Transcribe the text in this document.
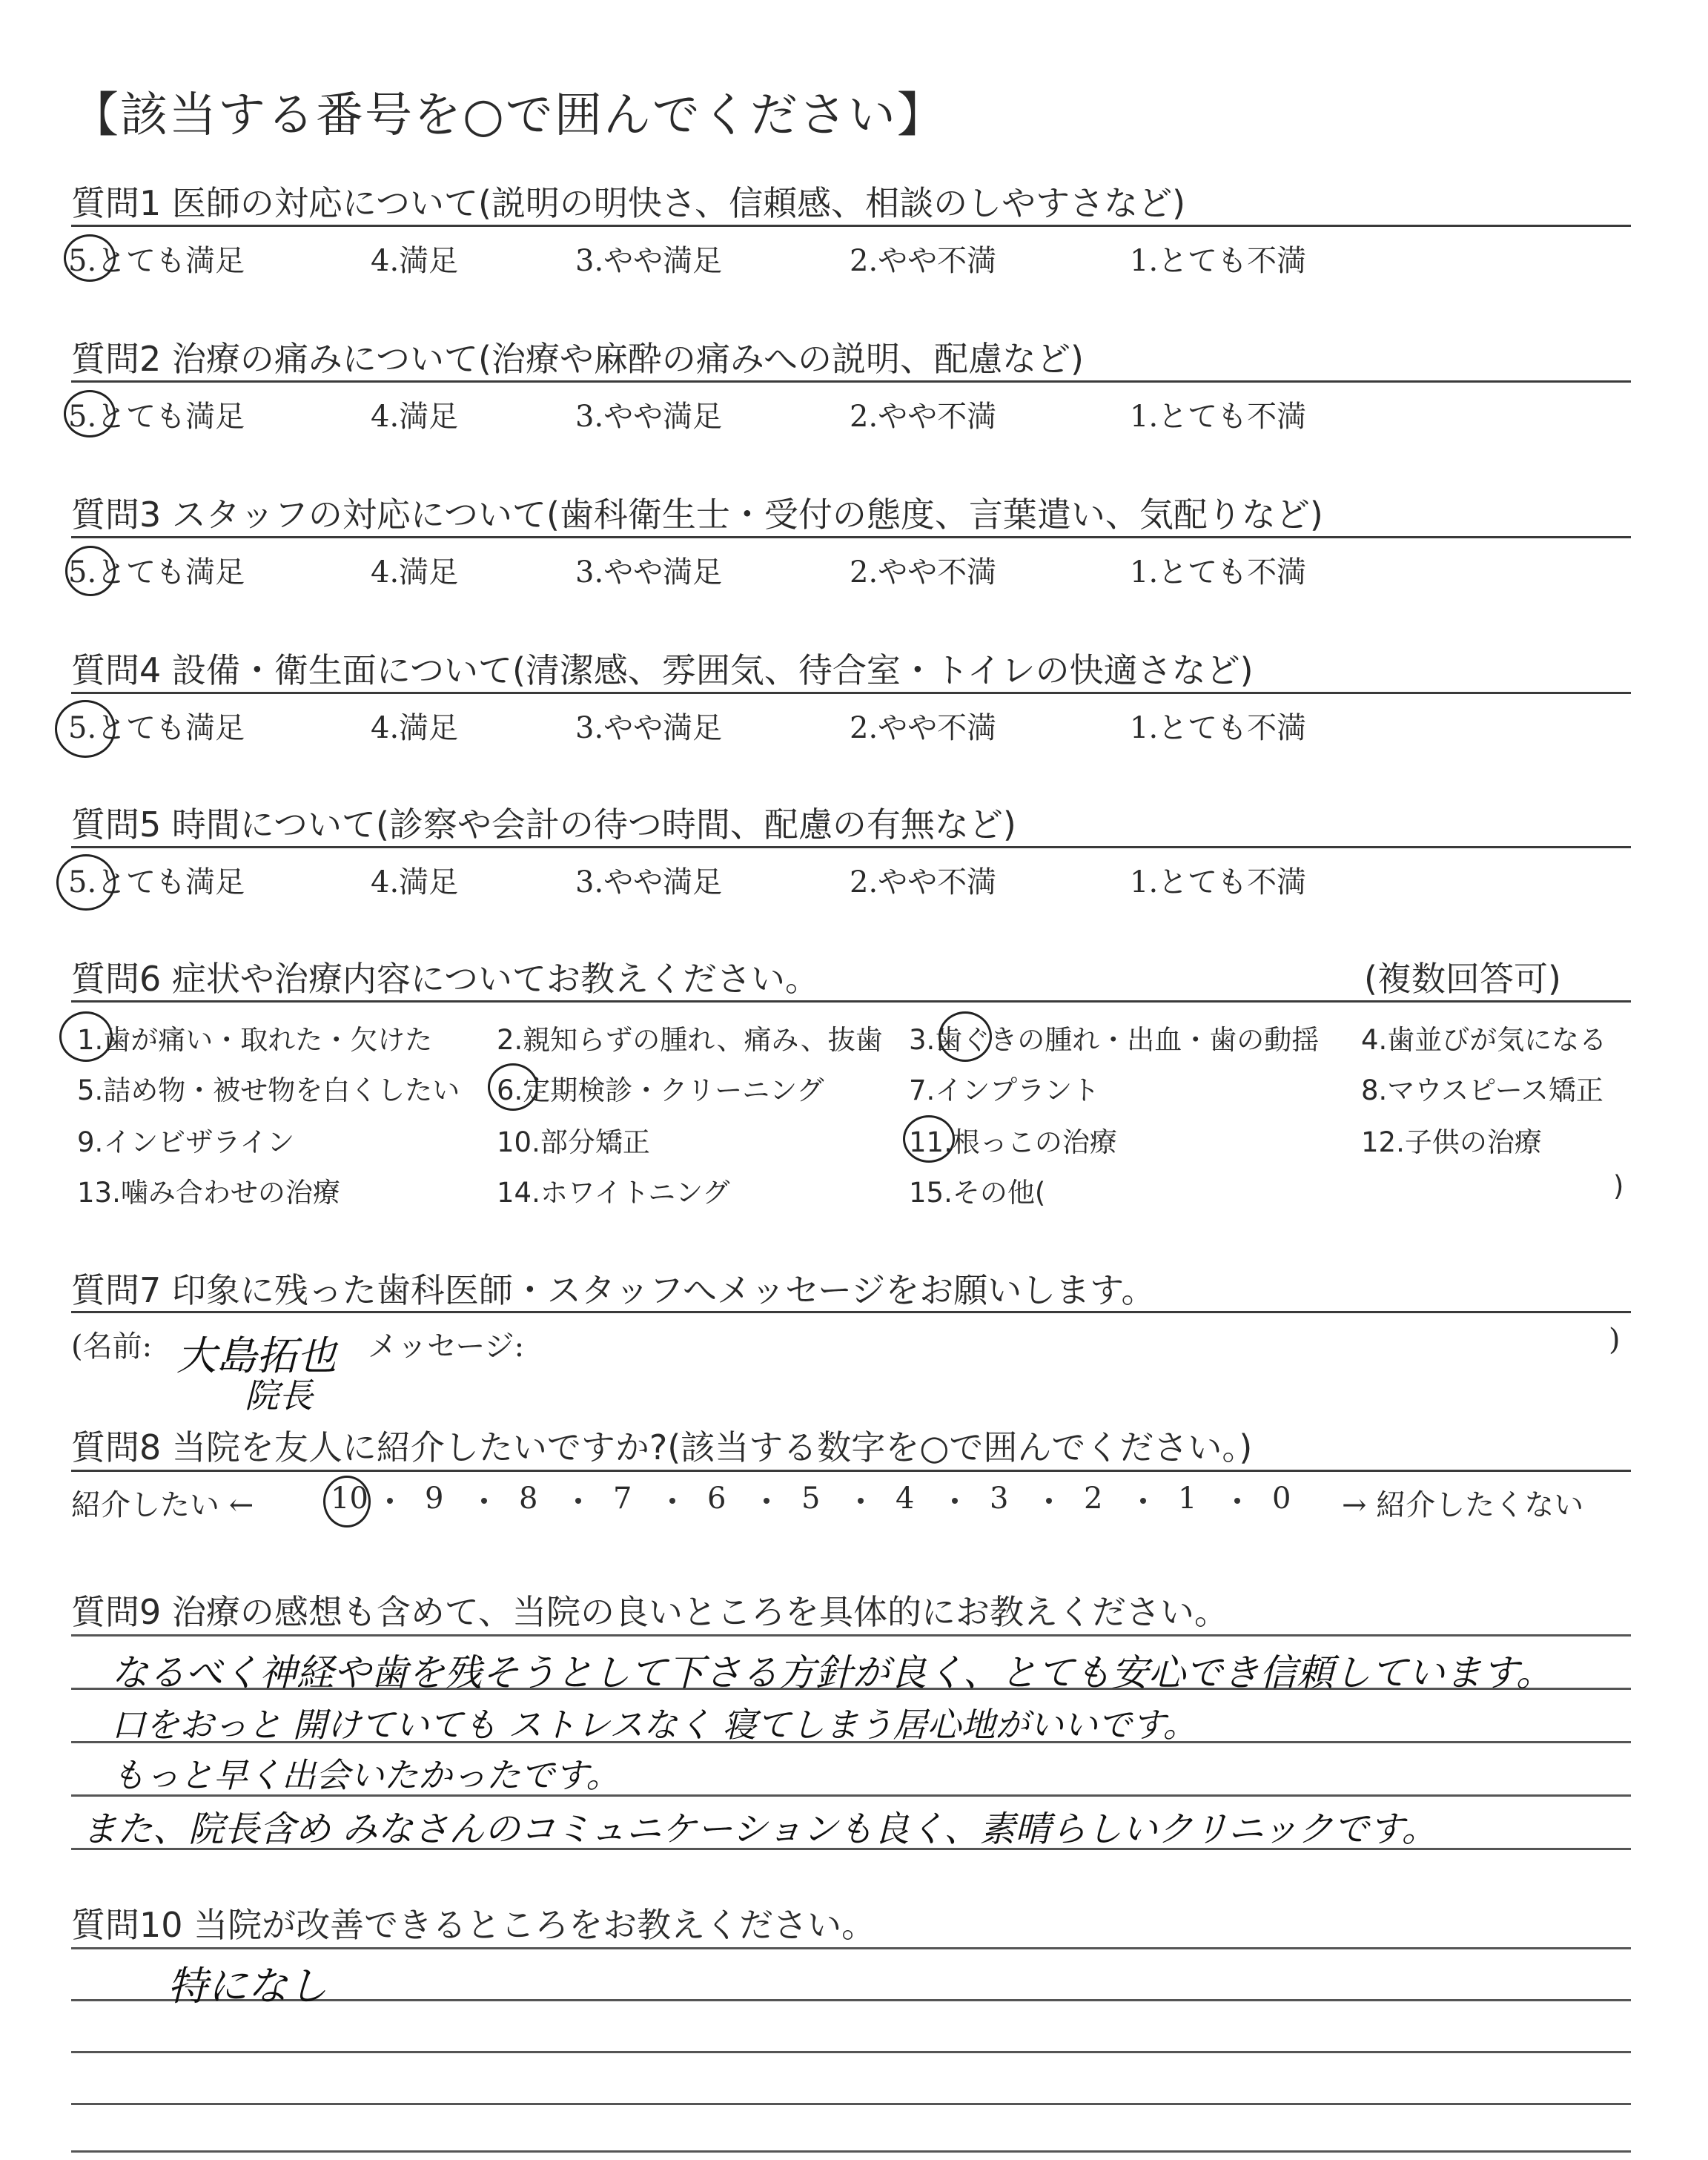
【該当する番号を○で囲んでください】
質問1 医師の対応について(説明の明快さ、信頼感、相談のしやすさなど)
5.とても満足	4.満足	3.やや満足	2.やや不満	1.とても不満
質問2 治療の痛みについて(治療や麻酔の痛みへの説明、配慮など)
5.とても満足	4.満足	3.やや満足	2.やや不満	1.とても不満
質問3 スタッフの対応について(歯科衛生士・受付の態度、言葉遣い、気配りなど)
5.とても満足	4.満足	3.やや満足	2.やや不満	1.とても不満
質問4 設備・衛生面について(清潔感、雰囲気、待合室・トイレの快適さなど)
5.とても満足	4.満足	3.やや満足	2.やや不満	1.とても不満
質問5 時間について(診察や会計の待つ時間、配慮の有無など)
5.とても満足	4.満足	3.やや満足	2.やや不満	1.とても不満
質問6 症状や治療内容についてお教えください。	(複数回答可)
1.歯が痛い・取れた・欠けた 2.親知らずの腫れ、痛み、抜歯 3.歯ぐきの腫れ・出血・歯の動揺 4.歯並びが気になる
5.詰め物・被せ物を白くしたい 6.定期検診・クリーニング	7.インプラント	8.マウスピース矯正
9.インビザライン	10.部分矯正	11.根っこの治療	12.子供の治療
13.噛み合わせの治療	14.ホワイトニング	15.その他(	)
質問7 印象に残った歯科医師・スタッフへメッセージをお願いします。
(名前: 大島拓也
院長
メッセージ:	)
質問8 当院を友人に紹介したいですか?(該当する数字を○で囲んでください。)
紹介したい ←	10 9	8	7	6	5	4	3	2	1	0 → 紹介したくない
質問9 治療の感想も含めて、当院の良いところを具体的にお教えください。
なるべく神経や歯を残そうとして下さる方針が良く、とても安心でき信頼しています。
口をおっと 開けていても ストレスなく 寝てしまう居心地がいいです。
もっと早く出会いたかったです。
また、院長含め みなさんのコミュニケーションも良く、素晴らしいクリニックです。
質問10 当院が改善できるところをお教えください。
特になし
